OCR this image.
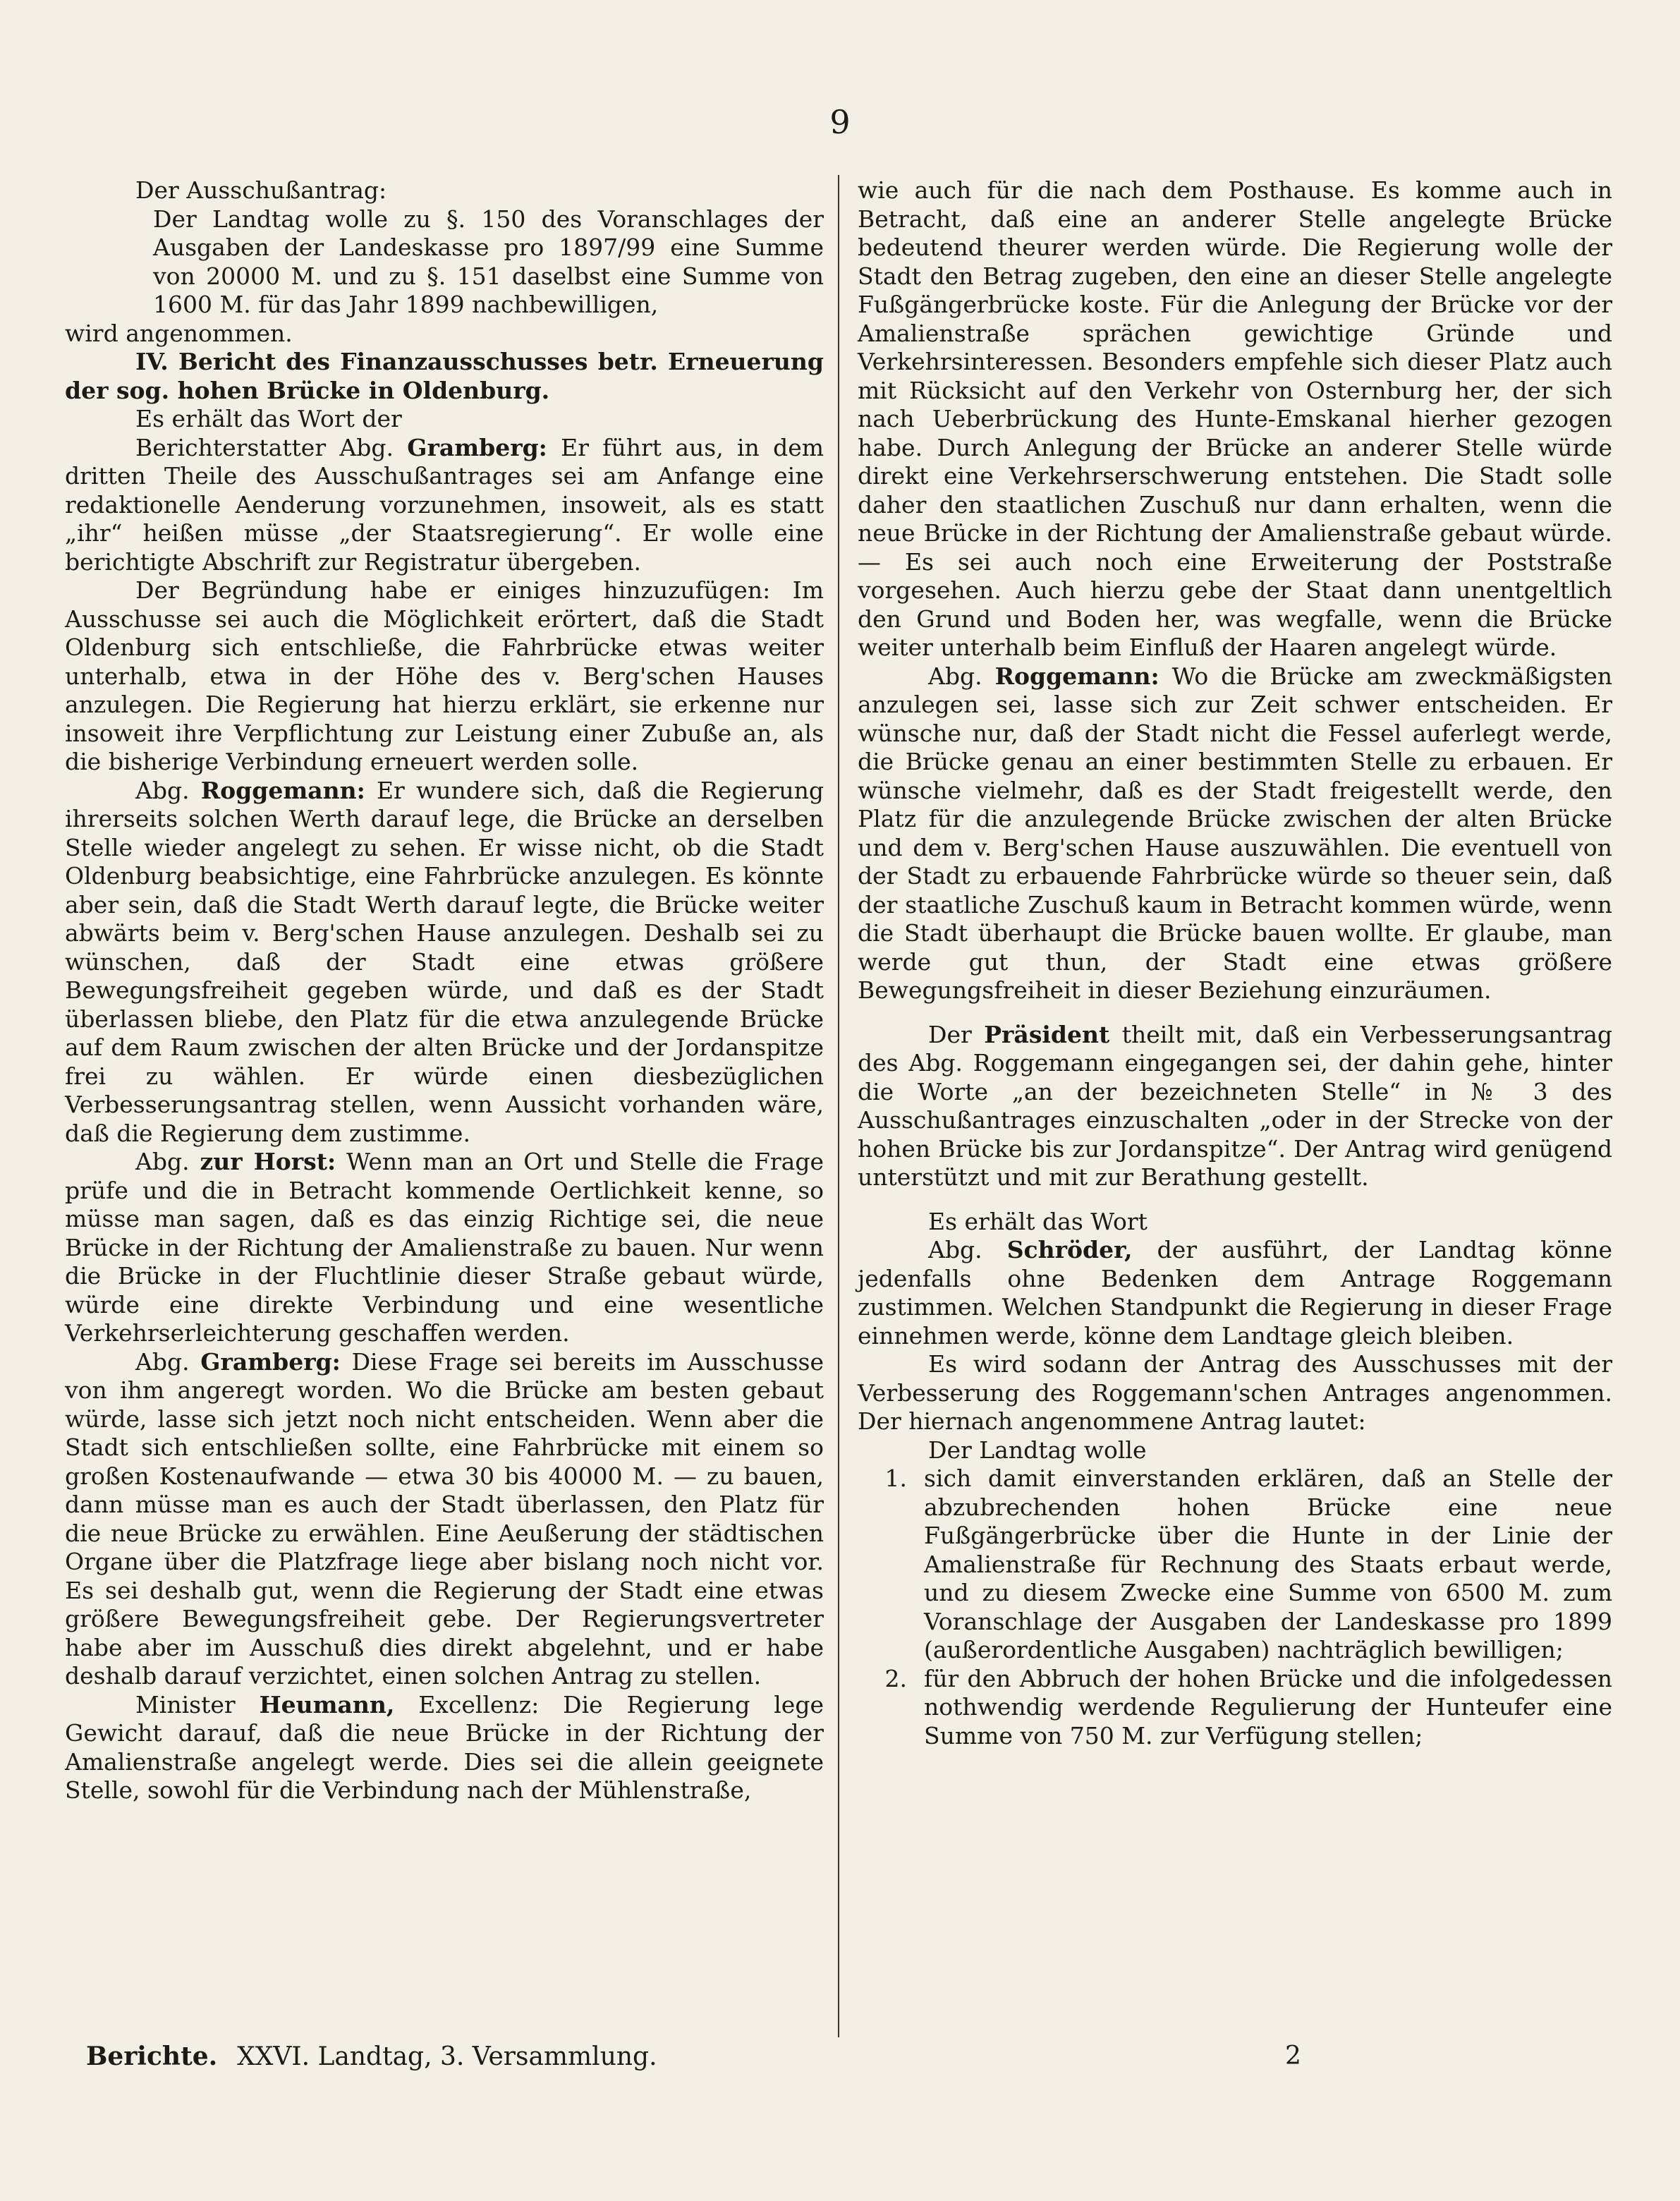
9

Der Ausschußantrag:

Der Landtag wolle zu §. 150 des Voranschlages der Ausgaben der Landeskasse pro 1897/99 eine Summe von 20000 M. und zu §. 151 daselbst eine Summe von 1600 M. für das Jahr 1899 nachbewilligen,

wird angenommen.

IV. Bericht des Finanzausschusses betr. Erneuerung der sog. hohen Brücke in Oldenburg.

Es erhält das Wort der

Berichterstatter Abg. Gramberg: Er führt aus, in dem dritten Theile des Ausschußantrages sei am Anfange eine redaktionelle Aenderung vorzunehmen, insoweit, als es statt „ihr“ heißen müsse „der Staatsregierung“. Er wolle eine berichtigte Abschrift zur Registratur übergeben.

Der Begründung habe er einiges hinzuzufügen: Im Ausschusse sei auch die Möglichkeit erörtert, daß die Stadt Oldenburg sich entschließe, die Fahrbrücke etwas weiter unterhalb, etwa in der Höhe des v. Berg'schen Hauses anzulegen. Die Regierung hat hierzu erklärt, sie erkenne nur insoweit ihre Verpflichtung zur Leistung einer Zubuße an, als die bisherige Verbindung erneuert werden solle.

Abg. Roggemann: Er wundere sich, daß die Regierung ihrerseits solchen Werth darauf lege, die Brücke an derselben Stelle wieder angelegt zu sehen. Er wisse nicht, ob die Stadt Oldenburg beabsichtige, eine Fahrbrücke anzulegen. Es könnte aber sein, daß die Stadt Werth darauf legte, die Brücke weiter abwärts beim v. Berg'schen Hause anzulegen. Deshalb sei zu wünschen, daß der Stadt eine etwas größere Bewegungsfreiheit gegeben würde, und daß es der Stadt überlassen bliebe, den Platz für die etwa anzulegende Brücke auf dem Raum zwischen der alten Brücke und der Jordanspitze frei zu wählen. Er würde einen diesbezüglichen Verbesserungsantrag stellen, wenn Aussicht vorhanden wäre, daß die Regierung dem zustimme.

Abg. zur Horst: Wenn man an Ort und Stelle die Frage prüfe und die in Betracht kommende Oertlichkeit kenne, so müsse man sagen, daß es das einzig Richtige sei, die neue Brücke in der Richtung der Amalienstraße zu bauen. Nur wenn die Brücke in der Fluchtlinie dieser Straße gebaut würde, würde eine direkte Verbindung und eine wesentliche Verkehrserleichterung geschaffen werden.

Abg. Gramberg: Diese Frage sei bereits im Ausschusse von ihm angeregt worden. Wo die Brücke am besten gebaut würde, lasse sich jetzt noch nicht entscheiden. Wenn aber die Stadt sich entschließen sollte, eine Fahrbrücke mit einem so großen Kostenaufwande — etwa 30 bis 40000 M. — zu bauen, dann müsse man es auch der Stadt überlassen, den Platz für die neue Brücke zu erwählen. Eine Aeußerung der städtischen Organe über die Platzfrage liege aber bislang noch nicht vor. Es sei deshalb gut, wenn die Regierung der Stadt eine etwas größere Bewegungsfreiheit gebe. Der Regierungsvertreter habe aber im Ausschuß dies direkt abgelehnt, und er habe deshalb darauf verzichtet, einen solchen Antrag zu stellen.

Minister Heumann, Excellenz: Die Regierung lege Gewicht darauf, daß die neue Brücke in der Richtung der Amalienstraße angelegt werde. Dies sei die allein geeignete Stelle, sowohl für die Verbindung nach der Mühlenstraße,

wie auch für die nach dem Posthause. Es komme auch in Betracht, daß eine an anderer Stelle angelegte Brücke bedeutend theurer werden würde. Die Regierung wolle der Stadt den Betrag zugeben, den eine an dieser Stelle angelegte Fußgängerbrücke koste. Für die Anlegung der Brücke vor der Amalienstraße sprächen gewichtige Gründe und Verkehrsinteressen. Besonders empfehle sich dieser Platz auch mit Rücksicht auf den Verkehr von Osternburg her, der sich nach Ueberbrückung des Hunte-Emskanal hierher gezogen habe. Durch Anlegung der Brücke an anderer Stelle würde direkt eine Verkehrserschwerung entstehen. Die Stadt solle daher den staatlichen Zuschuß nur dann erhalten, wenn die neue Brücke in der Richtung der Amalienstraße gebaut würde. — Es sei auch noch eine Erweiterung der Poststraße vorgesehen. Auch hierzu gebe der Staat dann unentgeltlich den Grund und Boden her, was wegfalle, wenn die Brücke weiter unterhalb beim Einfluß der Haaren angelegt würde.

Abg. Roggemann: Wo die Brücke am zweckmäßigsten anzulegen sei, lasse sich zur Zeit schwer entscheiden. Er wünsche nur, daß der Stadt nicht die Fessel auferlegt werde, die Brücke genau an einer bestimmten Stelle zu erbauen. Er wünsche vielmehr, daß es der Stadt freigestellt werde, den Platz für die anzulegende Brücke zwischen der alten Brücke und dem v. Berg'schen Hause auszuwählen. Die eventuell von der Stadt zu erbauende Fahrbrücke würde so theuer sein, daß der staatliche Zuschuß kaum in Betracht kommen würde, wenn die Stadt überhaupt die Brücke bauen wollte. Er glaube, man werde gut thun, der Stadt eine etwas größere Bewegungsfreiheit in dieser Beziehung einzuräumen.

Der Präsident theilt mit, daß ein Verbesserungsantrag des Abg. Roggemann eingegangen sei, der dahin gehe, hinter die Worte „an der bezeichneten Stelle“ in № 3 des Ausschußantrages einzuschalten „oder in der Strecke von der hohen Brücke bis zur Jordanspitze“. Der Antrag wird genügend unterstützt und mit zur Berathung gestellt.

Es erhält das Wort

Abg. Schröder, der ausführt, der Landtag könne jedenfalls ohne Bedenken dem Antrage Roggemann zustimmen. Welchen Standpunkt die Regierung in dieser Frage einnehmen werde, könne dem Landtage gleich bleiben.

Es wird sodann der Antrag des Ausschusses mit der Verbesserung des Roggemann'schen Antrages angenommen. Der hiernach angenommene Antrag lautet:

Der Landtag wolle

1. sich damit einverstanden erklären, daß an Stelle der abzubrechenden hohen Brücke eine neue Fußgängerbrücke über die Hunte in der Linie der Amalienstraße für Rechnung des Staats erbaut werde, und zu diesem Zwecke eine Summe von 6500 M. zum Voranschlage der Ausgaben der Landeskasse pro 1899 (außerordentliche Ausgaben) nachträglich bewilligen;
2. für den Abbruch der hohen Brücke und die infolgedessen nothwendig werdende Regulierung der Hunteufer eine Summe von 750 M. zur Verfügung stellen;
Berichte. XXVI. Landtag, 3. Versammlung.	2
